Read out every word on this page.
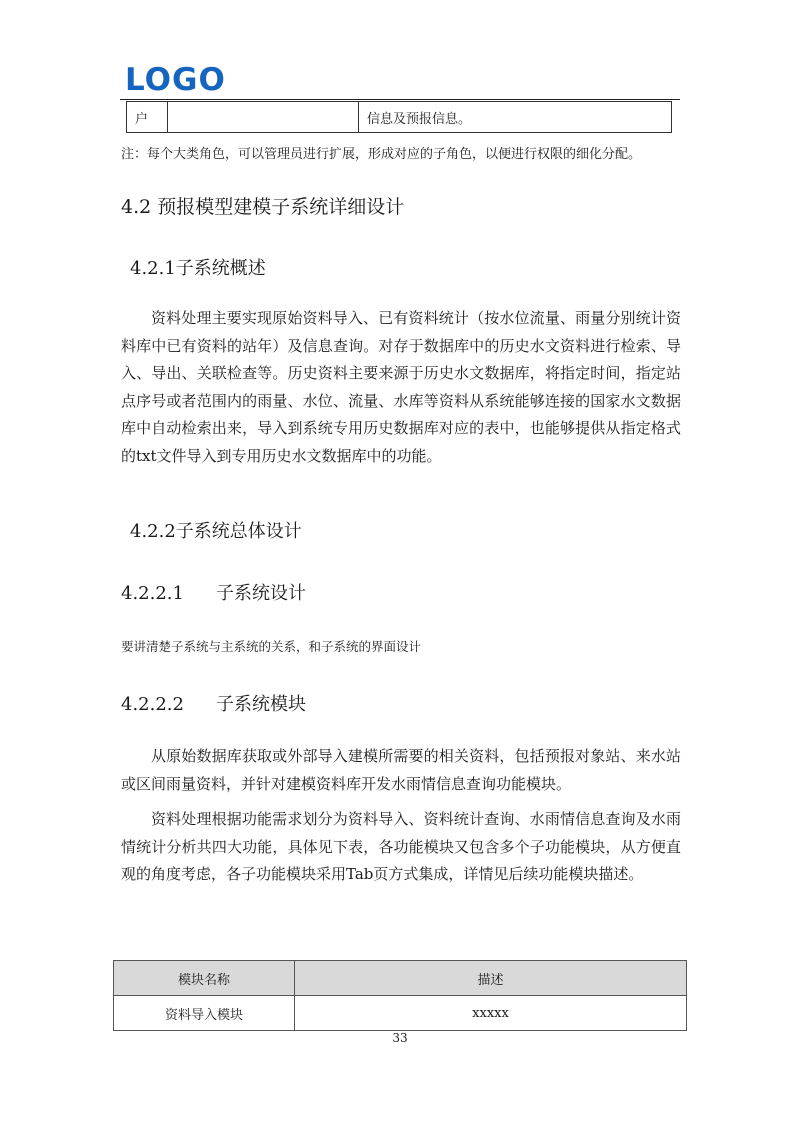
LOGO
户		信息及预报信息。
注：每个大类角色，可以管理员进行扩展，形成对应的子角色，以便进行权限的细化分配。
4.2 预报模型建模子系统详细设计
4.2.1子系统概述
资料处理主要实现原始资料导入、已有资料统计（按水位流量、雨量分别统计资料库中已有资料的站年）及信息查询。对存于数据库中的历史水文资料进行检索、导入、导出、关联检查等。历史资料主要来源于历史水文数据库，将指定时间，指定站点序号或者范围内的雨量、水位、流量、水库等资料从系统能够连接的国家水文数据库中自动检索出来，导入到系统专用历史数据库对应的表中，也能够提供从指定格式的txt文件导入到专用历史水文数据库中的功能。
4.2.2子系统总体设计
4.2.2.1 子系统设计
要讲清楚子系统与主系统的关系，和子系统的界面设计
4.2.2.2 子系统模块
从原始数据库获取或外部导入建模所需要的相关资料，包括预报对象站、来水站或区间雨量资料，并针对建模资料库开发水雨情信息查询功能模块。
资料处理根据功能需求划分为资料导入、资料统计查询、水雨情信息查询及水雨情统计分析共四大功能，具体见下表，各功能模块又包含多个子功能模块，从方便直观的角度考虑，各子功能模块采用Tab页方式集成，详情见后续功能模块描述。
模块名称	描述
资料导入模块	xxxxx
33
